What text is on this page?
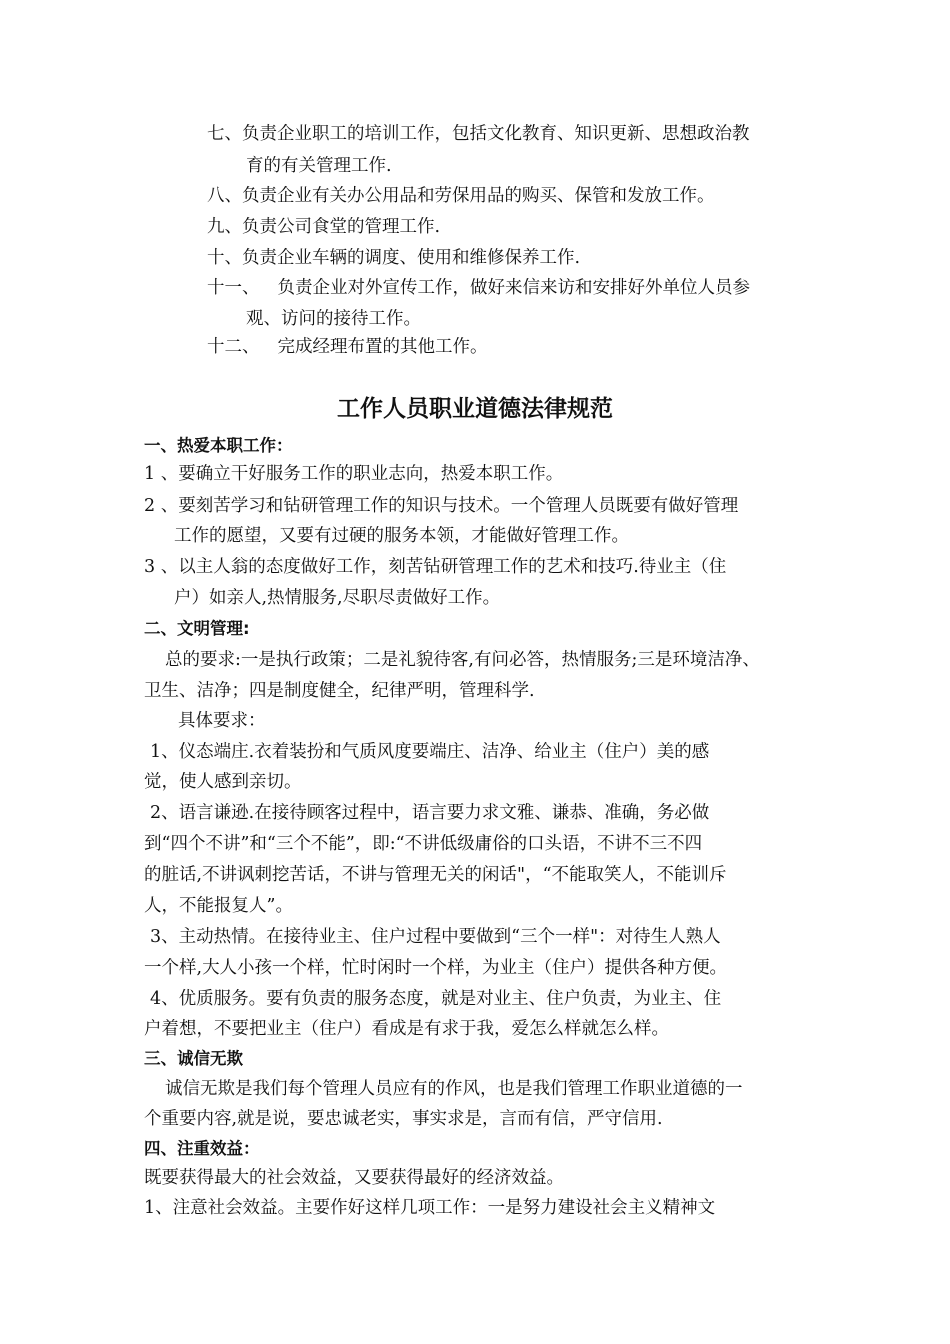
七、负责企业职工的培训工作，包括文化教育、知识更新、思想政治教

育的有关管理工作.

八、负责企业有关办公用品和劳保用品的购买、保管和发放工作。

九、负责公司食堂的管理工作.

十、负责企业车辆的调度、使用和维修保养工作.

十一、 负责企业对外宣传工作，做好来信来访和安排好外单位人员参

观、访问的接待工作。

十二、 完成经理布置的其他工作。

工作人员职业道德法律规范

一、热爱本职工作：

1 、要确立干好服务工作的职业志向，热爱本职工作。

2 、要刻苦学习和钻研管理工作的知识与技术。一个管理人员既要有做好管理

工作的愿望，又要有过硬的服务本领，才能做好管理工作。

3 、以主人翁的态度做好工作，刻苦钻研管理工作的艺术和技巧.待业主（住

户）如亲人,热情服务,尽职尽责做好工作。

二、文明管理:

总的要求:一是执行政策；二是礼貌待客,有问必答，热情服务;三是环境洁净、

卫生、洁净；四是制度健全，纪律严明，管理科学.

具体要求：

1、仪态端庄.衣着装扮和气质风度要端庄、洁净、给业主（住户）美的感

觉，使人感到亲切。

2、语言谦逊.在接待顾客过程中，语言要力求文雅、谦恭、准确，务必做

到“四个不讲”和“三个不能”，即:“不讲低级庸俗的口头语，不讲不三不四

的脏话,不讲讽刺挖苦话，不讲与管理无关的闲话"，“不能取笑人，不能训斥

人，不能报复人”。

3、主动热情。在接待业主、住户过程中要做到“三个一样"：对待生人熟人

一个样,大人小孩一个样，忙时闲时一个样，为业主（住户）提供各种方便。

4、优质服务。要有负责的服务态度，就是对业主、住户负责，为业主、住

户着想，不要把业主（住户）看成是有求于我，爱怎么样就怎么样。

三、诚信无欺

诚信无欺是我们每个管理人员应有的作风，也是我们管理工作职业道德的一

个重要内容,就是说，要忠诚老实，事实求是，言而有信，严守信用.

四、注重效益：

既要获得最大的社会效益，又要获得最好的经济效益。

1、注意社会效益。主要作好这样几项工作：一是努力建设社会主义精神文
